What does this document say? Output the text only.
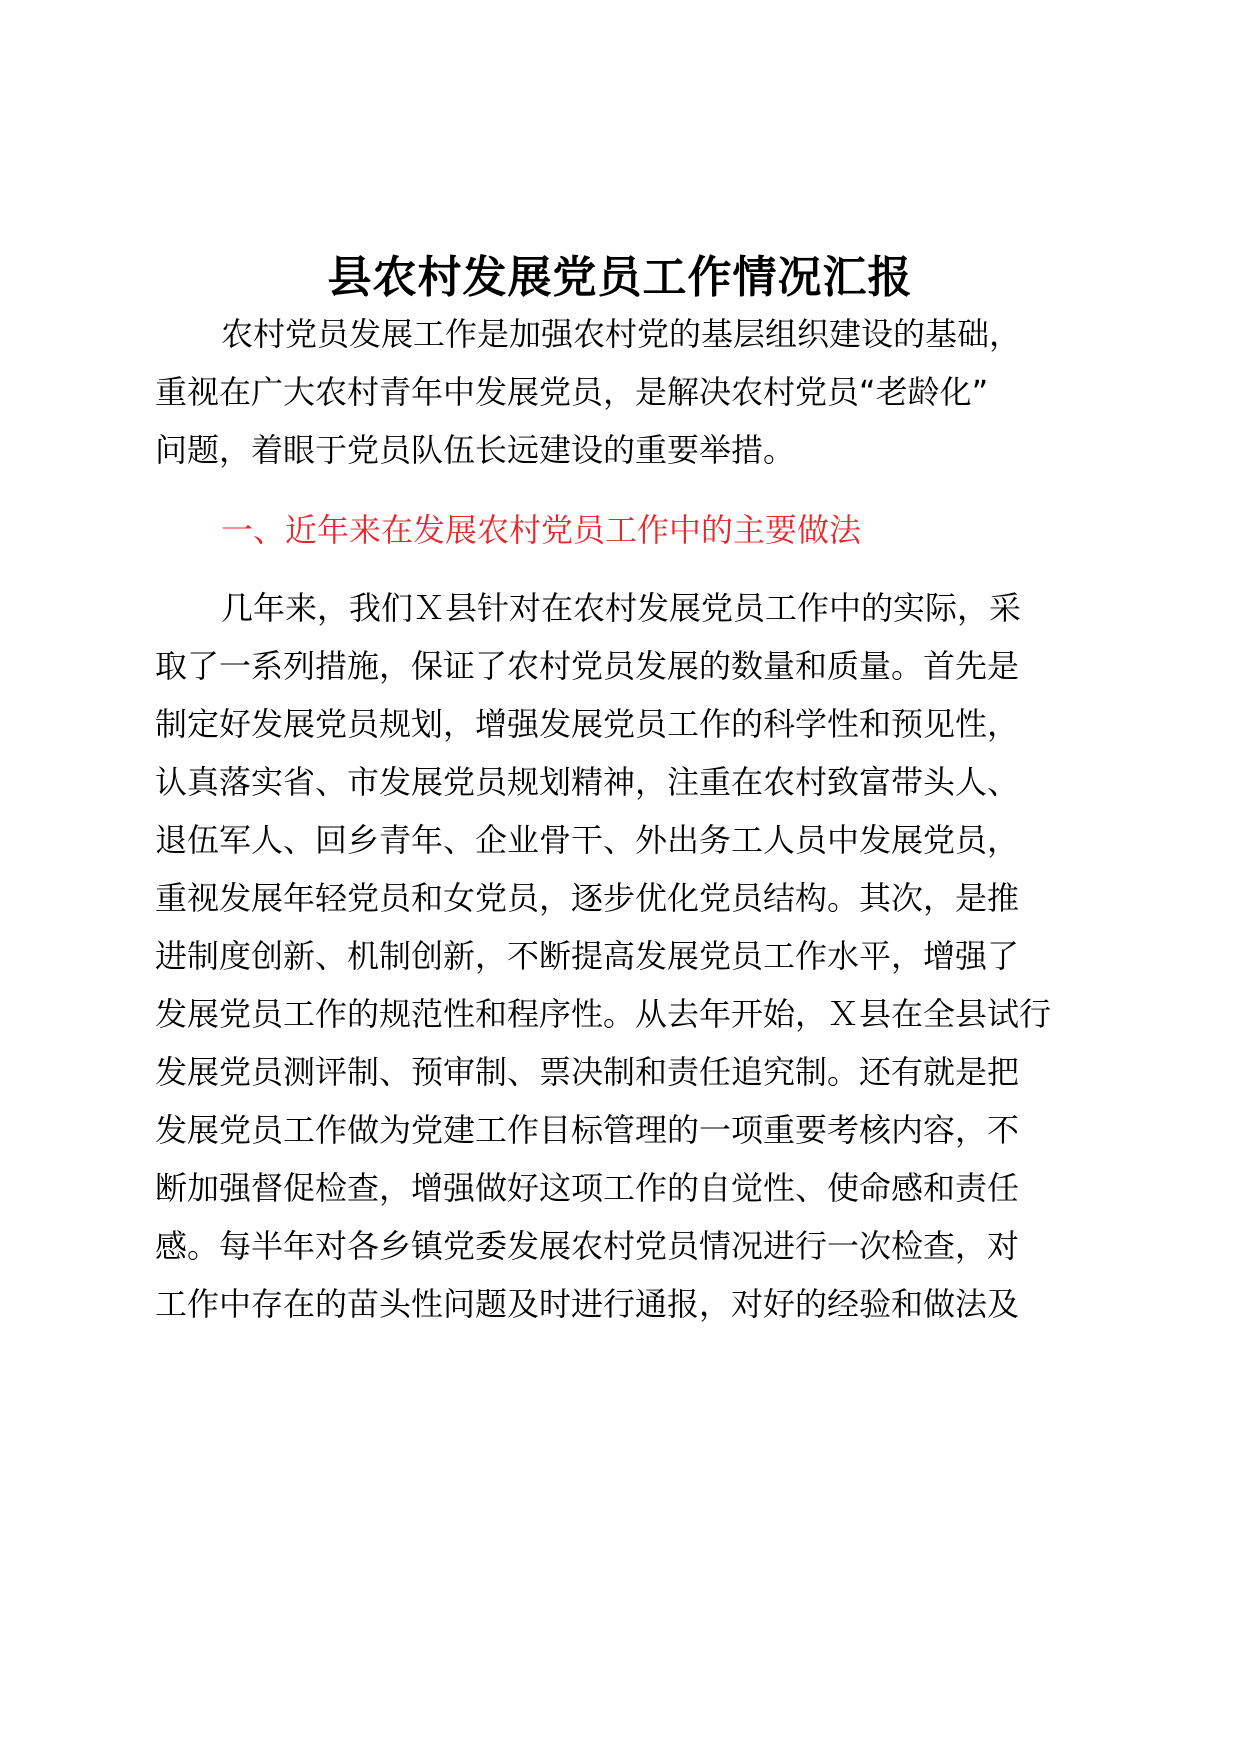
县农村发展党员工作情况汇报

农村党员发展工作是加强农村党的基层组织建设的基础，

重视在广大农村青年中发展党员，是解决农村党员“老龄化”

问题，着眼于党员队伍长远建设的重要举措。

一、近年来在发展农村党员工作中的主要做法

几年来，我们Ｘ县针对在农村发展党员工作中的实际，采

取了一系列措施，保证了农村党员发展的数量和质量。首先是

制定好发展党员规划，增强发展党员工作的科学性和预见性，

认真落实省、市发展党员规划精神，注重在农村致富带头人、

退伍军人、回乡青年、企业骨干、外出务工人员中发展党员，

重视发展年轻党员和女党员，逐步优化党员结构。其次，是推

进制度创新、机制创新，不断提高发展党员工作水平，增强了

发展党员工作的规范性和程序性。从去年开始，Ｘ县在全县试行

发展党员测评制、预审制、票决制和责任追究制。还有就是把

发展党员工作做为党建工作目标管理的一项重要考核内容，不

断加强督促检查，增强做好这项工作的自觉性、使命感和责任

感。每半年对各乡镇党委发展农村党员情况进行一次检查，对

工作中存在的苗头性问题及时进行通报，对好的经验和做法及
